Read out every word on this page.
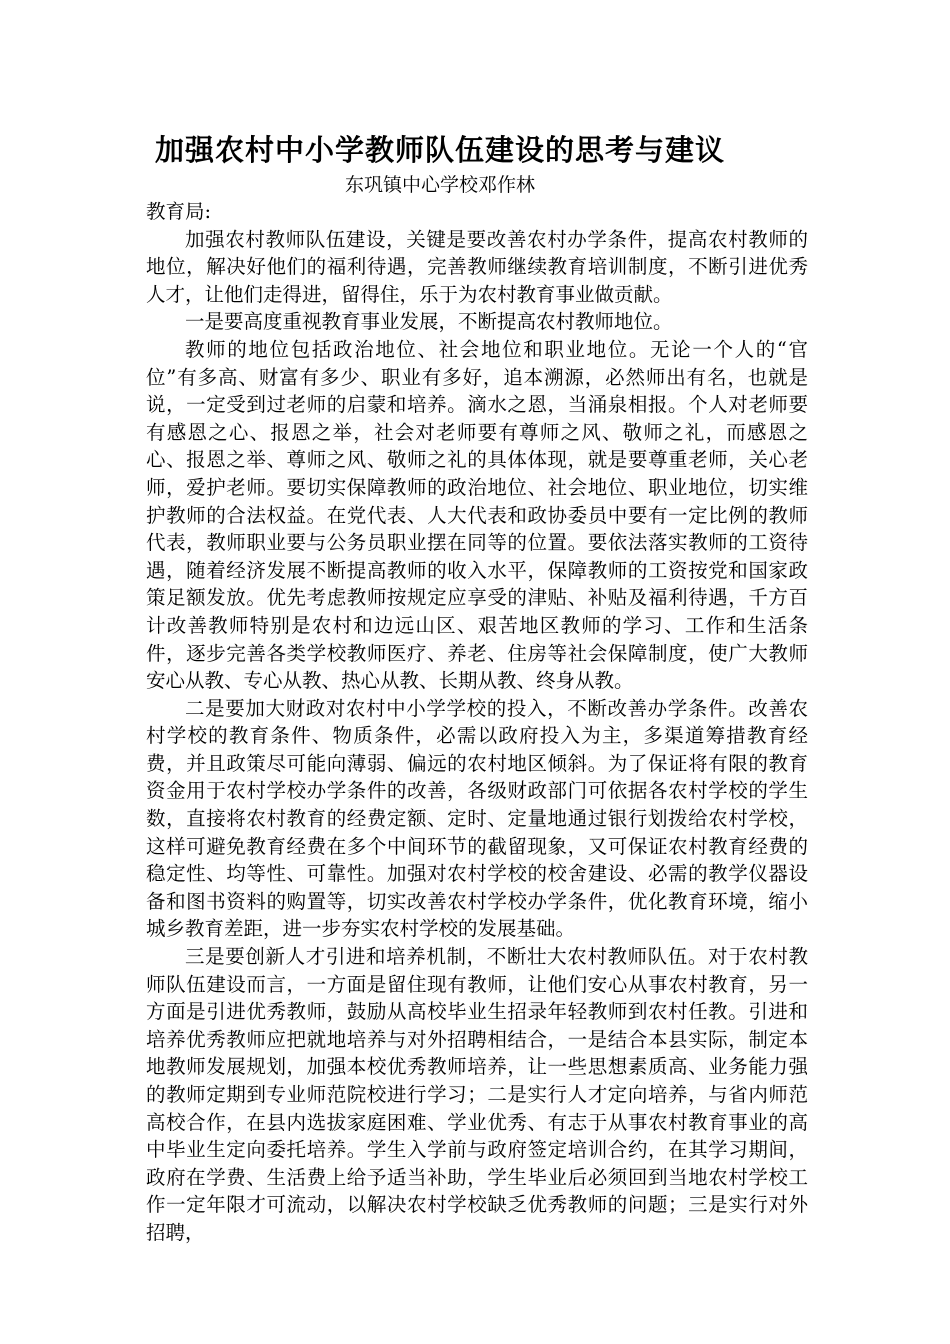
加强农村中小学教师队伍建设的思考与建议
东巩镇中心学校邓作林

教育局:

加强农村教师队伍建设，关键是要改善农村办学条件，提高农村教师的地位，解决好他们的福利待遇，完善教师继续教育培训制度，不断引进优秀人才，让他们走得进，留得住，乐于为农村教育事业做贡献。

一是要高度重视教育事业发展，不断提高农村教师地位。

教师的地位包括政治地位、社会地位和职业地位。无论一个人的“官位”有多高、财富有多少、职业有多好，追本溯源，必然师出有名，也就是说，一定受到过老师的启蒙和培养。滴水之恩，当涌泉相报。个人对老师要有感恩之心、报恩之举，社会对老师要有尊师之风、敬师之礼，而感恩之心、报恩之举、尊师之风、敬师之礼的具体体现，就是要尊重老师，关心老师，爱护老师。要切实保障教师的政治地位、社会地位、职业地位，切实维护教师的合法权益。在党代表、人大代表和政协委员中要有一定比例的教师代表，教师职业要与公务员职业摆在同等的位置。要依法落实教师的工资待遇，随着经济发展不断提高教师的收入水平，保障教师的工资按党和国家政策足额发放。优先考虑教师按规定应享受的津贴、补贴及福利待遇，千方百计改善教师特别是农村和边远山区、艰苦地区教师的学习、工作和生活条件，逐步完善各类学校教师医疗、养老、住房等社会保障制度，使广大教师安心从教、专心从教、热心从教、长期从教、终身从教。

二是要加大财政对农村中小学学校的投入，不断改善办学条件。改善农村学校的教育条件、物质条件，必需以政府投入为主，多渠道筹措教育经费，并且政策尽可能向薄弱、偏远的农村地区倾斜。为了保证将有限的教育资金用于农村学校办学条件的改善，各级财政部门可依据各农村学校的学生数，直接将农村教育的经费定额、定时、定量地通过银行划拨给农村学校，这样可避免教育经费在多个中间环节的截留现象，又可保证农村教育经费的稳定性、均等性、可靠性。加强对农村学校的校舍建设、必需的教学仪器设备和图书资料的购置等，切实改善农村学校办学条件，优化教育环境，缩小城乡教育差距，进一步夯实农村学校的发展基础。

三是要创新人才引进和培养机制，不断壮大农村教师队伍。对于农村教师队伍建设而言，一方面是留住现有教师，让他们安心从事农村教育，另一方面是引进优秀教师，鼓励从高校毕业生招录年轻教师到农村任教。引进和培养优秀教师应把就地培养与对外招聘相结合，一是结合本县实际，制定本地教师发展规划，加强本校优秀教师培养，让一些思想素质高、业务能力强的教师定期到专业师范院校进行学习；二是实行人才定向培养，与省内师范高校合作，在县内选拔家庭困难、学业优秀、有志于从事农村教育事业的高中毕业生定向委托培养。学生入学前与政府签定培训合约，在其学习期间，政府在学费、生活费上给予适当补助，学生毕业后必须回到当地农村学校工作一定年限才可流动，以解决农村学校缺乏优秀教师的问题；三是实行对外招聘，
